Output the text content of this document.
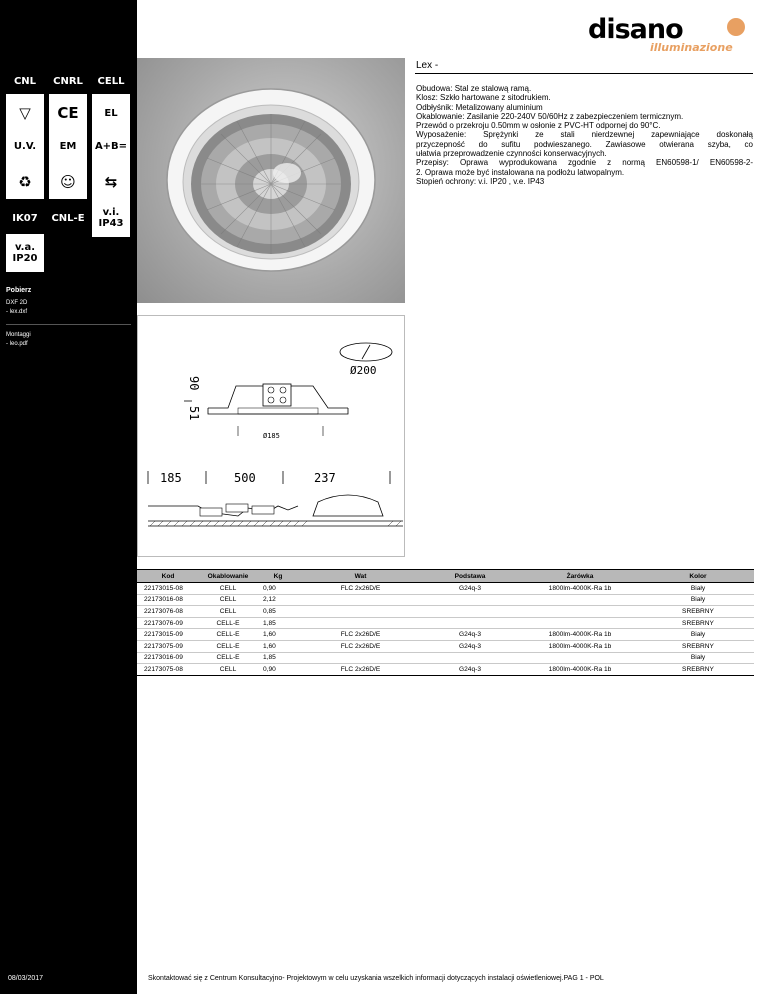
CNL	CNRL	CELL
▽	CE	EL
U.V.	EM	A+B=
♻	☺	⇆
IK07	CNL-E	v.i.
IP43
v.a.
IP20
Pobierz
DXF 2D
- lex.dxf
Montaggi
- leo.pdf
08/03/2017
disano
illuminazione
Lex -
Obudowa: Stal ze stalową ramą.
Klosz: Szkło hartowane z sitodrukiem.
Odbłyśnik: Metalizowany aluminium
Okablowanie: Zasilanie 220-240V 50/60Hz z zabezpieczeniem termicznym.
Przewód o przekroju 0.50mm w osłonie z PVC-HT odpornej do 90°C.
Wyposażenie: Sprężynki ze stali nierdzewnej zapewniające doskonałą
przyczepność do sufitu podwieszanego. Zawiasowe otwierana szyba, co
ułatwia przeprowadzenie czynności konserwacyjnych.
Przepisy: Oprawa wyprodukowana zgodnie z normą EN60598-1/ EN60598-2-
2. Oprawa może być instalowana na podłożu latwopalnym.
Stopień ochrony: v.i. IP20 , v.e. IP43
Ø200
90
51
Ø185
185	500	237
Kod	Okablowanie	Kg	Wat	Podstawa	Żarówka	Kolor
22173015-08	CELL	0,90	FLC 2x26D/E	G24q-3	1800lm-4000K-Ra 1b	Biały
22173016-08	CELL	2,12				Biały
22173076-08	CELL	0,85				SREBRNY
22173076-09	CELL-E	1,85				SREBRNY
22173015-09	CELL-E	1,60	FLC 2x26D/E	G24q-3	1800lm-4000K-Ra 1b	Biały
22173075-09	CELL-E	1,60	FLC 2x26D/E	G24q-3	1800lm-4000K-Ra 1b	SREBRNY
22173016-09	CELL-E	1,85				Biały
22173075-08	CELL	0,90	FLC 2x26D/E	G24q-3	1800lm-4000K-Ra 1b	SREBRNY
Skontaktować się z Centrum Konsultacyjno- Projektowym w celu uzyskania wszelkich informacji dotyczących instalacji oświetleniowej.PAG 1 - POL
